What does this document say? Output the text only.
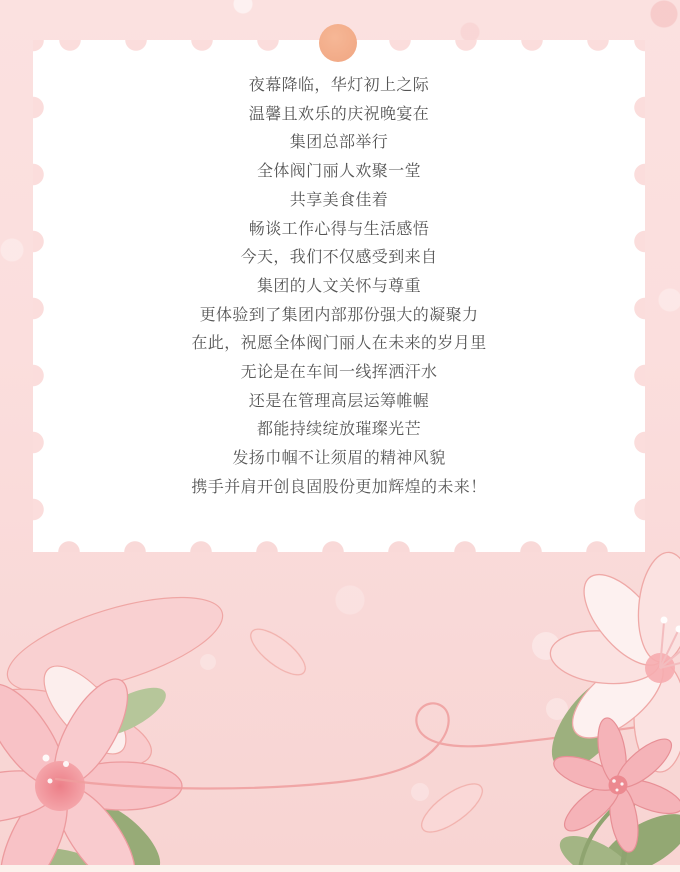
夜幕降临，华灯初上之际

温馨且欢乐的庆祝晚宴在

集团总部举行

全体阀门丽人欢聚一堂

共享美食佳着

畅谈工作心得与生活感悟

今天，我们不仅感受到来自

集团的人文关怀与尊重

更体验到了集团内部那份强大的凝聚力

在此，祝愿全体阀门丽人在未来的岁月里

无论是在车间一线挥洒汗水

还是在管理高层运筹帷幄

都能持续绽放璀璨光芒

发扬巾帼不让须眉的精神风貌

携手并肩开创良固股份更加辉煌的未来！
